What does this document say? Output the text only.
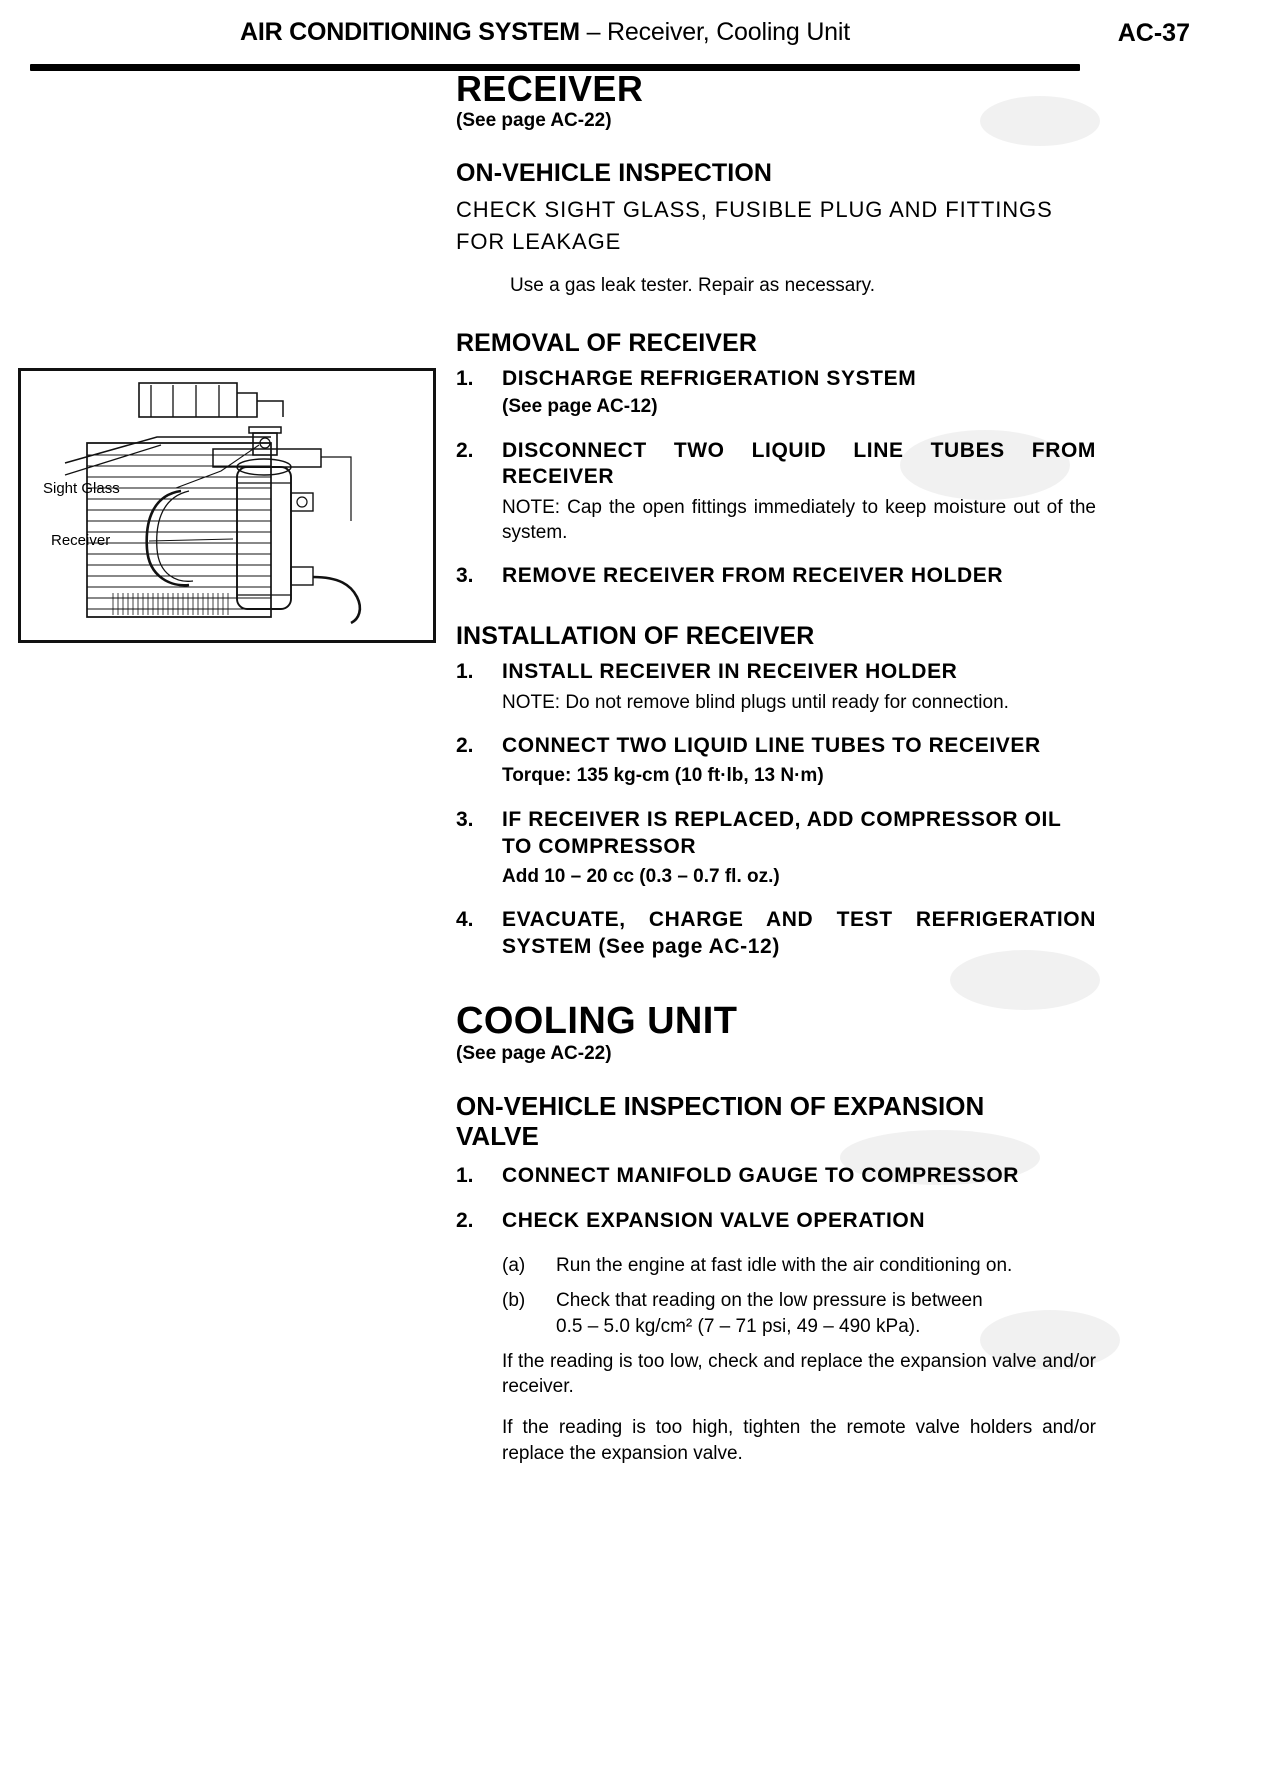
AIR CONDITIONING SYSTEM – Receiver, Cooling Unit	AC-37
Sight Glass
Receiver
RECEIVER
(See page AC-22)
ON-VEHICLE INSPECTION
CHECK SIGHT GLASS, FUSIBLE PLUG AND FITTINGS
FOR LEAKAGE

Use a gas leak tester. Repair as necessary.

REMOVAL OF RECEIVER
1.	DISCHARGE REFRIGERATION SYSTEM

(See page AC-12)

2.	DISCONNECT TWO LIQUID LINE TUBES FROM RECEIVER

NOTE: Cap the open fittings immediately to keep moisture out of the system.

3.	REMOVE RECEIVER FROM RECEIVER HOLDER

INSTALLATION OF RECEIVER
1.	INSTALL RECEIVER IN RECEIVER HOLDER

NOTE: Do not remove blind plugs until ready for connection.

2.	CONNECT TWO LIQUID LINE TUBES TO RECEIVER

Torque: 135 kg-cm (10 ft·lb, 13 N·m)

3.	IF RECEIVER IS REPLACED, ADD COMPRESSOR OIL TO COMPRESSOR

Add 10 – 20 cc (0.3 – 0.7 fl. oz.)

4.	EVACUATE, CHARGE AND TEST REFRIGERATION SYSTEM (See page AC-12)

COOLING UNIT
(See page AC-22)
ON-VEHICLE INSPECTION OF EXPANSION
VALVE
1.	CONNECT MANIFOLD GAUGE TO COMPRESSOR

2.	CHECK EXPANSION VALVE OPERATION

(a)	Run the engine at fast idle with the air conditioning on.
(b)	Check that reading on the low pressure is between
0.5 – 5.0 kg/cm² (7 – 71 psi, 49 – 490 kPa).

If the reading is too low, check and replace the expansion valve and/or receiver.

If the reading is too high, tighten the remote valve holders and/or replace the expansion valve.
